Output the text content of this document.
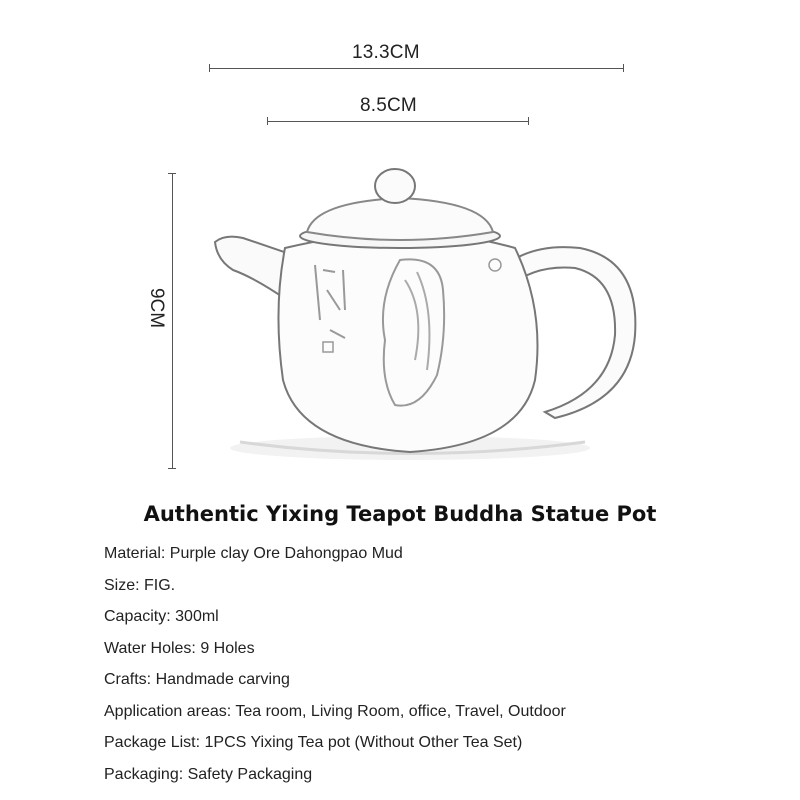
13.3CM
8.5CM
9CM
Authentic Yixing Teapot Buddha Statue Pot
Material: Purple clay Ore Dahongpao Mud
Size: FIG.
Capacity: 300ml
Water Holes: 9 Holes
Crafts: Handmade carving
Application areas: Tea room, Living Room, office, Travel, Outdoor
Package List: 1PCS Yixing Tea pot (Without Other Tea Set)
Packaging: Safety Packaging
